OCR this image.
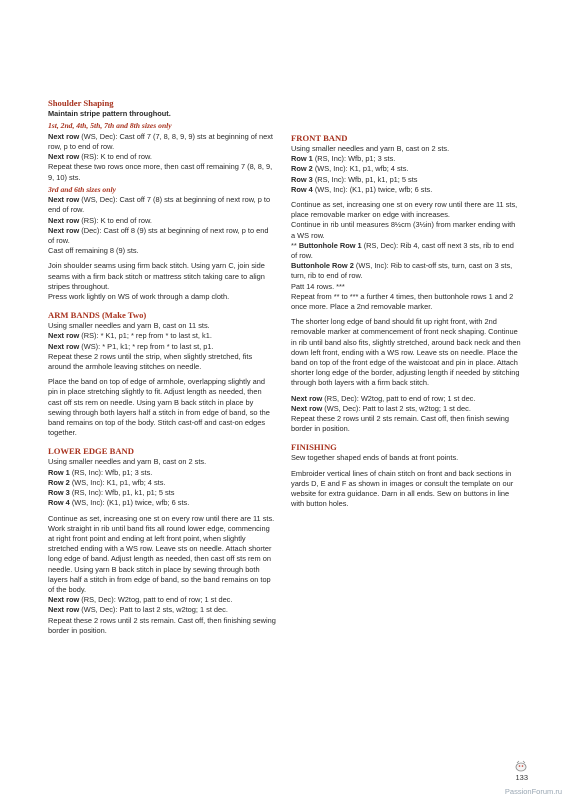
Shoulder Shaping

Maintain stripe pattern throughout.

1st, 2nd, 4th, 5th, 7th and 8th sizes only

Next row (WS, Dec): Cast off 7 (7, 8, 8, 9, 9) sts at beginning of next row, p to end of row.

Next row (RS): K to end of row.

Repeat these two rows once more, then cast off remaining 7 (8, 8, 9, 9, 10) sts.

3rd and 6th sizes only

Next row (WS, Dec): Cast off 7 (8) sts at beginning of next row, p to end of row.

Next row (RS): K to end of row.

Next row (Dec): Cast off 8 (9) sts at beginning of next row, p to end of row.

Cast off remaining 8 (9) sts.

Join shoulder seams using firm back stitch. Using yarn C, join side seams with a firm back stitch or mattress stitch taking care to align stripes throughout.

Press work lightly on WS of work through a damp cloth.

ARM BANDS (Make Two)

Using smaller needles and yarn B, cast on 11 sts.

Next row (RS): * K1, p1; * rep from * to last st, k1.

Next row (WS): * P1, k1; * rep from * to last st, p1.

Repeat these 2 rows until the strip, when slightly stretched, fits around the armhole leaving stitches on needle.

Place the band on top of edge of armhole, overlapping slightly and pin in place stretching slightly to fit. Adjust length as needed, then cast off sts rem on needle. Using yarn B back stitch in place by sewing through both layers half a stitch in from edge of band, so the band remains on top of the body. Stitch cast-off and cast-on edges together.

LOWER EDGE BAND

Using smaller needles and yarn B, cast on 2 sts.

Row 1 (RS, Inc): Wfb, p1; 3 sts.

Row 2 (WS, Inc): K1, p1, wfb; 4 sts.

Row 3 (RS, Inc): Wfb, p1, k1, p1; 5 sts

Row 4 (WS, Inc): (K1, p1) twice, wfb; 6 sts.

Continue as set, increasing one st on every row until there are 11 sts. Work straight in rib until band fits all round lower edge, commencing at right front point and ending at left front point, when slightly stretched ending with a WS row. Leave sts on needle. Attach shorter long edge of band. Adjust length as needed, then cast off sts rem on needle. Using yarn B back stitch in place by sewing through both layers half a stitch in from edge of band, so the band remains on top of the body.

Next row (RS, Dec): W2tog, patt to end of row; 1 st dec.

Next row (WS, Dec): Patt to last 2 sts, w2tog; 1 st dec.

Repeat these 2 rows until 2 sts remain. Cast off, then finishing sewing border in position.

FRONT BAND

Using smaller needles and yarn B, cast on 2 sts.

Row 1 (RS, Inc): Wfb, p1; 3 sts.

Row 2 (WS, Inc): K1, p1, wfb; 4 sts.

Row 3 (RS, Inc): Wfb, p1, k1, p1; 5 sts

Row 4 (WS, Inc): (K1, p1) twice, wfb; 6 sts.

Continue as set, increasing one st on every row until there are 11 sts, place removable marker on edge with increases.

Continue in rib until measures 8½cm (3½in) from marker ending with a WS row.

** Buttonhole Row 1 (RS, Dec): Rib 4, cast off next 3 sts, rib to end of row.

Buttonhole Row 2 (WS, Inc): Rib to cast-off sts, turn, cast on 3 sts, turn, rib to end of row.

Patt 14 rows. ***

Repeat from ** to *** a further 4 times, then buttonhole rows 1 and 2 once more. Place a 2nd removable marker.

The shorter long edge of band should fit up right front, with 2nd removable marker at commencement of front neck shaping. Continue in rib until band also fits, slightly stretched, around back neck and then down left front, ending with a WS row. Leave sts on needle. Place the band on top of the front edge of the waistcoat and pin in place. Attach shorter long edge of the border, adjusting length if needed by stitching through both layers with a firm back stitch.

Next row (RS, Dec): W2tog, patt to end of row; 1 st dec.

Next row (WS, Dec): Patt to last 2 sts, w2tog; 1 st dec.

Repeat these 2 rows until 2 sts remain. Cast off, then finish sewing border in position.

FINISHING

Sew together shaped ends of bands at front points.

Embroider vertical lines of chain stitch on front and back sections in yards D, E and F as shown in images or consult the template on our website for extra guidance. Darn in all ends. Sew on buttons in line with button holes.

133
PassionForum.ru
